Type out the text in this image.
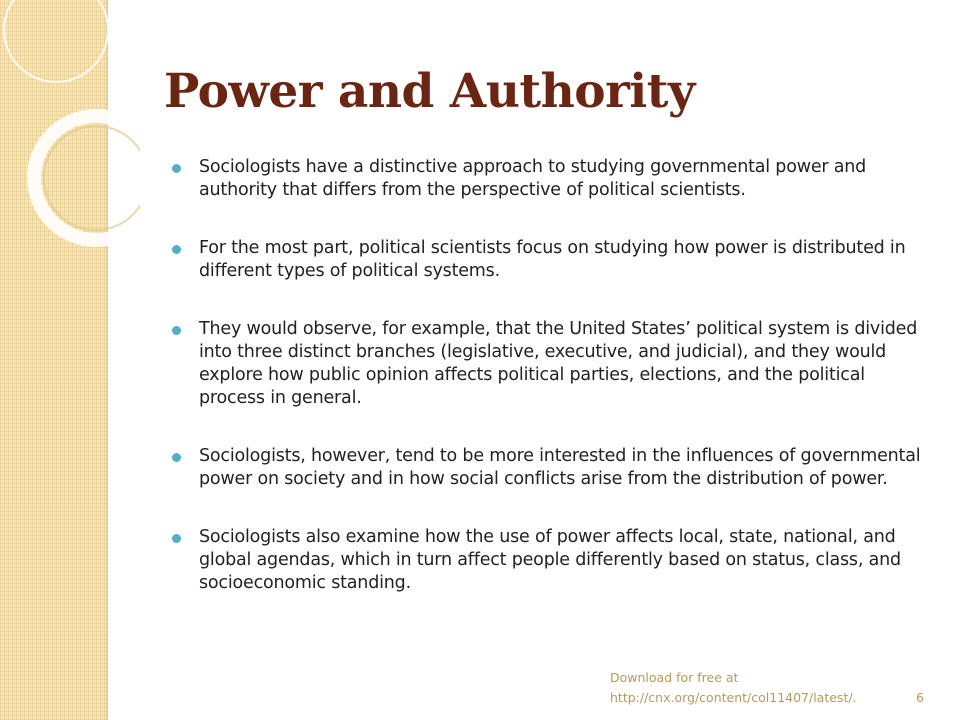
Power and Authority
Sociologists have a distinctive approach to studying governmental power and authority that differs from the perspective of political scientists.
For the most part, political scientists focus on studying how power is distributed in different types of political systems.
They would observe, for example, that the United States’ political system is divided into three distinct branches (legislative, executive, and judicial), and they would explore how public opinion affects political parties, elections, and the political process in general.
Sociologists, however, tend to be more interested in the influences of governmental power on society and in how social conflicts arise from the distribution of power.
Sociologists also examine how the use of power affects local, state, national, and global agendas, which in turn affect people differently based on status, class, and socioeconomic standing.
Download for free at
http://cnx.org/content/col11407/latest/.	6
